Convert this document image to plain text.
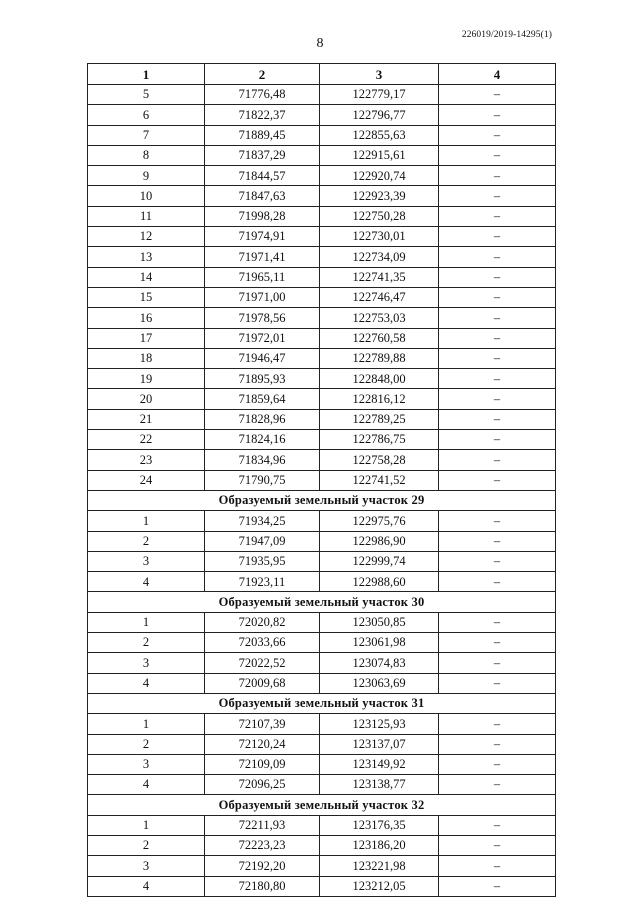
8
226019/2019-14295(1)
1	2	3	4
5	71776,48	122779,17	–
6	71822,37	122796,77	–
7	71889,45	122855,63	–
8	71837,29	122915,61	–
9	71844,57	122920,74	–
10	71847,63	122923,39	–
11	71998,28	122750,28	–
12	71974,91	122730,01	–
13	71971,41	122734,09	–
14	71965,11	122741,35	–
15	71971,00	122746,47	–
16	71978,56	122753,03	–
17	71972,01	122760,58	–
18	71946,47	122789,88	–
19	71895,93	122848,00	–
20	71859,64	122816,12	–
21	71828,96	122789,25	–
22	71824,16	122786,75	–
23	71834,96	122758,28	–
24	71790,75	122741,52	–
Образуемый земельный участок 29			
1	71934,25	122975,76	–
2	71947,09	122986,90	–
3	71935,95	122999,74	–
4	71923,11	122988,60	–
Образуемый земельный участок 30			
1	72020,82	123050,85	–
2	72033,66	123061,98	–
3	72022,52	123074,83	–
4	72009,68	123063,69	–
Образуемый земельный участок 31			
1	72107,39	123125,93	–
2	72120,24	123137,07	–
3	72109,09	123149,92	–
4	72096,25	123138,77	–
Образуемый земельный участок 32			
1	72211,93	123176,35	–
2	72223,23	123186,20	–
3	72192,20	123221,98	–
4	72180,80	123212,05	–
